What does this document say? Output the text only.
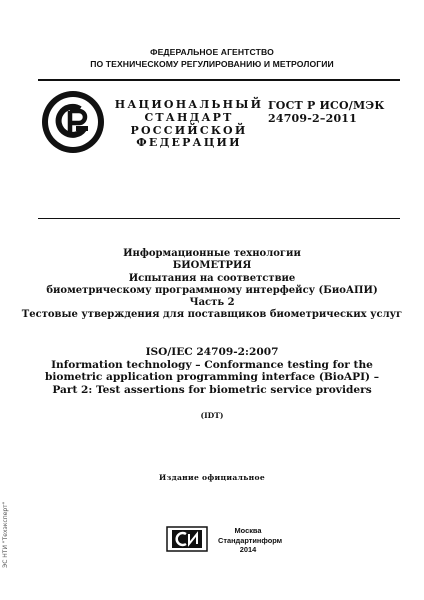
ФЕДЕРАЛЬНОЕ АГЕНТСТВО
ПО ТЕХНИЧЕСКОМУ РЕГУЛИРОВАНИЮ И МЕТРОЛОГИИ
НАЦИОНАЛЬНЫЙ
СТАНДАРТ
РОССИЙСКОЙ
ФЕДЕРАЦИИ
ГОСТ Р ИСО/МЭК
24709-2–2011
Информационные технологии
БИОМЕТРИЯ
Испытания на соответствие
биометрическому программному интерфейсу (БиоАПИ)
Часть 2
Тестовые утверждения для поставщиков биометрических услуг
ISO/IEC 24709-2:2007
Information technology – Conformance testing for the
biometric application programming interface (BioAPI) –
Part 2: Test assertions for biometric service providers
(IDT)
Издание официальное
Москва
Стандартинформ
2014
ЭС НТИ "Техэксперт"
